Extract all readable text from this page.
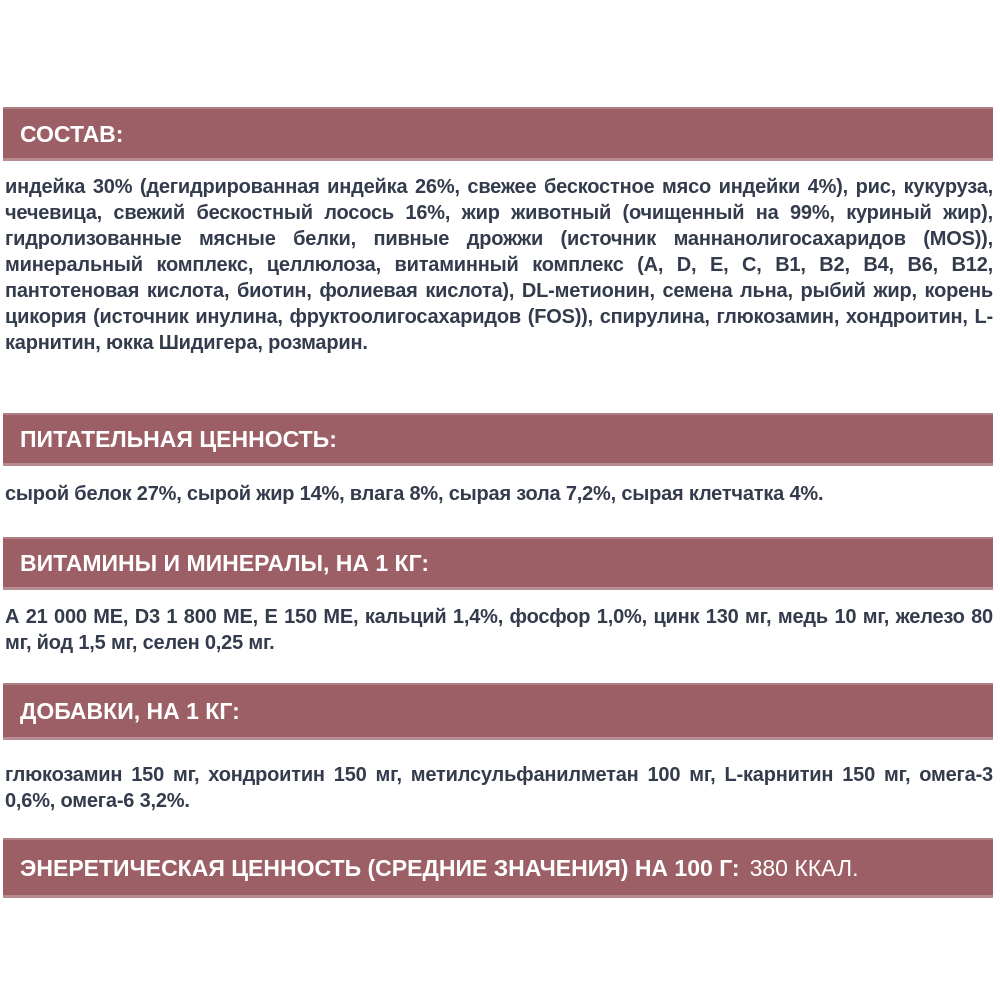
СОСТАВ:

индейка 30% (дегидрированная индейка 26%, свежее бескостное мясо индейки 4%), рис, кукуруза, чечевица, свежий бескостный лосось 16%, жир животный (очищенный на 99%, куриный жир), гидролизованные мясные белки, пивные дрожжи (источник маннанолигосахаридов (MOS)), минеральный комплекс, целлюлоза, витаминный комплекс (A, D, E, C, B1, B2, B4, B6, B12, пантотеновая кислота, биотин, фолиевая кислота), DL-метионин, семена льна, рыбий жир, корень цикория (источник инулина, фруктоолигосахаридов (FOS)), спирулина, глюкозамин, хондроитин, L-карнитин, юкка Шидигера, розмарин.

ПИТАТЕЛЬНАЯ ЦЕННОСТЬ:

сырой белок 27%, сырой жир 14%, влага 8%, сырая зола 7,2%, сырая клетчатка 4%.

ВИТАМИНЫ И МИНЕРАЛЫ, НА 1 КГ:

А 21 000 МЕ, D3 1 800 МЕ, Е 150 МЕ, кальций 1,4%, фосфор 1,0%, цинк 130 мг, медь 10 мг, железо 80 мг, йод 1,5 мг, селен 0,25 мг.

ДОБАВКИ, НА 1 КГ:

глюкозамин 150 мг, хондроитин 150 мг, метилсульфанилметан 100 мг, L-карнитин 150 мг, омега-3 0,6%, омега-6 3,2%.

ЭНЕРЕТИЧЕСКАЯ ЦЕННОСТЬ (СРЕДНИЕ ЗНАЧЕНИЯ) НА 100 Г: 380 ККАЛ.
